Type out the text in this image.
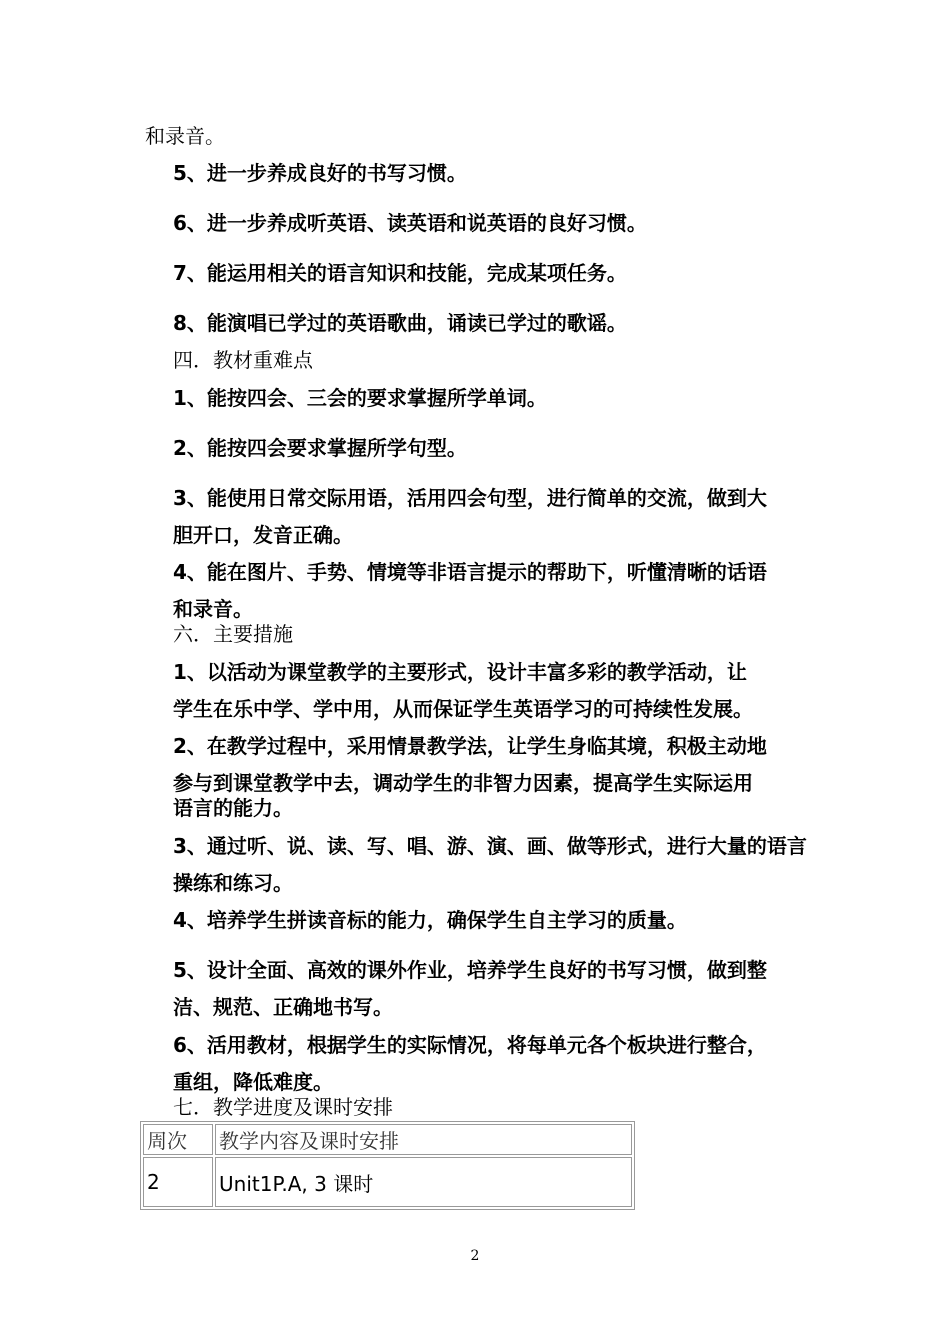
和录音。
5、进一步养成良好的书写习惯。
6、进一步养成听英语、读英语和说英语的良好习惯。
7、能运用相关的语言知识和技能，完成某项任务。
8、能演唱已学过的英语歌曲，诵读已学过的歌谣。
四．教材重难点
1、能按四会、三会的要求掌握所学单词。
2、能按四会要求掌握所学句型。
3、能使用日常交际用语，活用四会句型，进行简单的交流，做到大
胆开口，发音正确。
4、能在图片、手势、情境等非语言提示的帮助下，听懂清晰的话语
和录音。
六．主要措施
1、以活动为课堂教学的主要形式，设计丰富多彩的教学活动，让
学生在乐中学、学中用，从而保证学生英语学习的可持续性发展。
2、在教学过程中，采用情景教学法，让学生身临其境，积极主动地
参与到课堂教学中去，调动学生的非智力因素，提高学生实际运用
语言的能力。
3、通过听、说、读、写、唱、游、演、画、做等形式，进行大量的语言
操练和练习。
4、培养学生拼读音标的能力，确保学生自主学习的质量。
5、设计全面、高效的课外作业，培养学生良好的书写习惯，做到整
洁、规范、正确地书写。
6、活用教材，根据学生的实际情况，将每单元各个板块进行整合，
重组，降低难度。
七．教学进度及课时安排
周次	教学内容及课时安排
2	Unit1P.A, 3 课时
2
